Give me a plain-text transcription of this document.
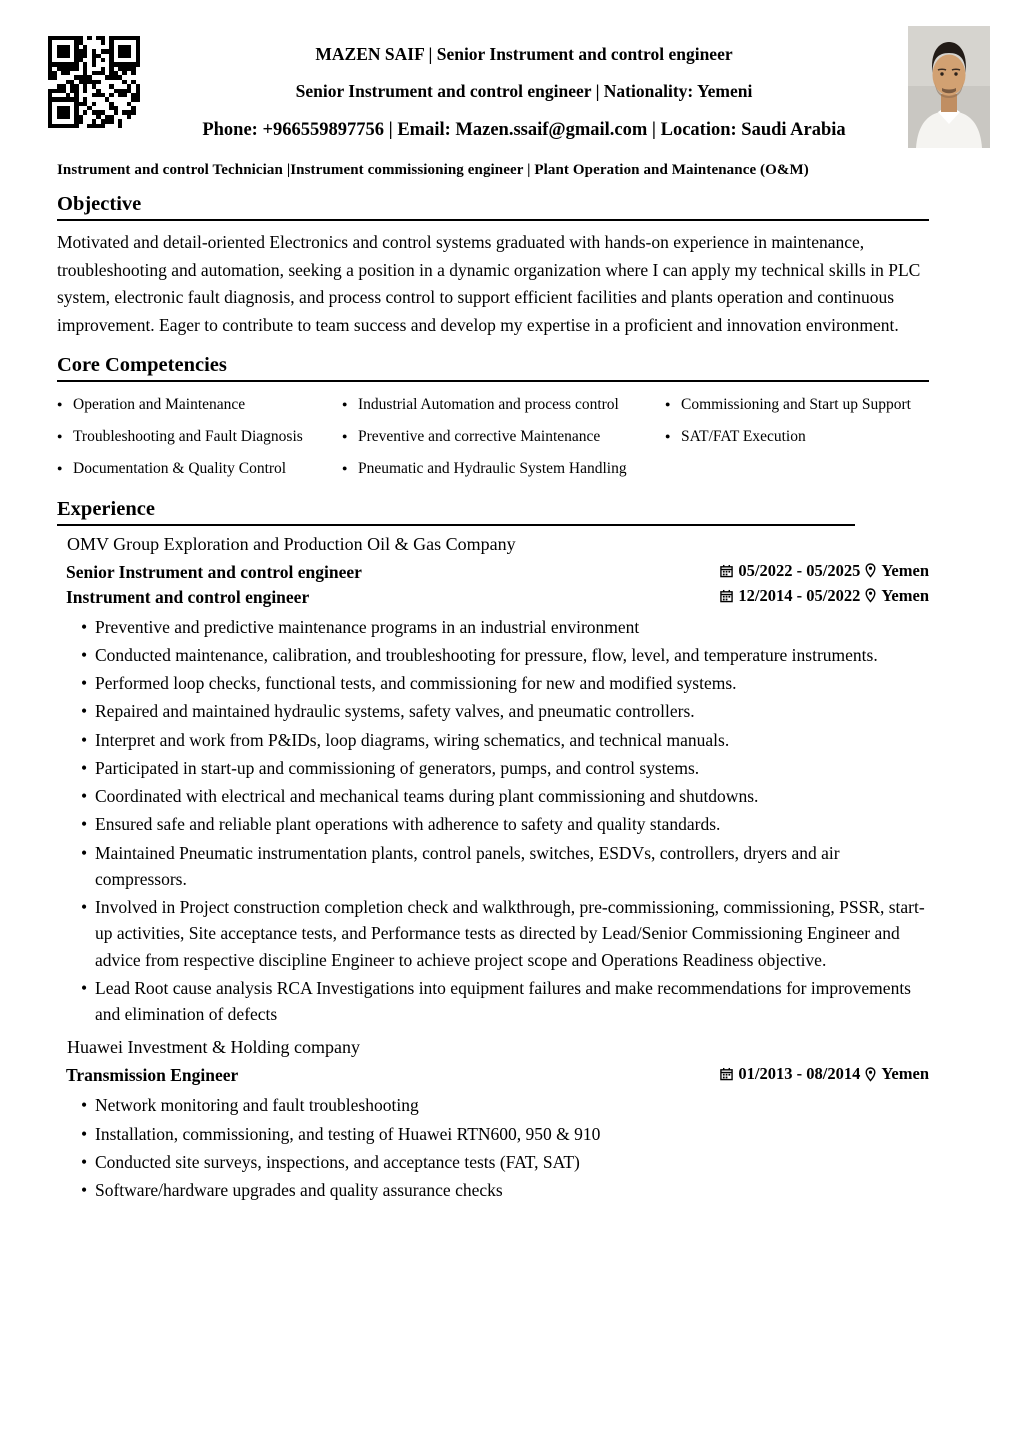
MAZEN SAIF | Senior Instrument and control engineer
Senior Instrument and control engineer | Nationality: Yemeni
Phone: +966559897756 | Email: Mazen.ssaif@gmail.com | Location: Saudi Arabia
Instrument and control Technician |Instrument commissioning engineer | Plant Operation and Maintenance (O&M)
Objective

Motivated and detail-oriented Electronics and control systems graduated with hands-on experience in maintenance, troubleshooting and automation, seeking a position in a dynamic organization where I can apply my technical skills in PLC system, electronic fault diagnosis, and process control to support efficient facilities and plants operation and continuous improvement. Eager to contribute to team success and develop my expertise in a proficient and innovation environment.

Core Competencies
● Operation and Maintenance
● Troubleshooting and Fault Diagnosis
● Documentation & Quality Control
● Industrial Automation and process control
● Preventive and corrective Maintenance
● Pneumatic and Hydraulic System Handling
● Commissioning and Start up Support
● SAT/FAT Execution
Experience
OMV Group Exploration and Production Oil & Gas Company
Senior Instrument and control engineer	05/2022 - 05/2025 Yemen
Instrument and control engineer	12/2014 - 05/2022 Yemen
• Preventive and predictive maintenance programs in an industrial environment
• Conducted maintenance, calibration, and troubleshooting for pressure, flow, level, and temperature instruments.
• Performed loop checks, functional tests, and commissioning for new and modified systems.
• Repaired and maintained hydraulic systems, safety valves, and pneumatic controllers.
• Interpret and work from P&IDs, loop diagrams, wiring schematics, and technical manuals.
• Participated in start-up and commissioning of generators, pumps, and control systems.
• Coordinated with electrical and mechanical teams during plant commissioning and shutdowns.
• Ensured safe and reliable plant operations with adherence to safety and quality standards.
• Maintained Pneumatic instrumentation plants, control panels, switches, ESDVs, controllers, dryers and air compressors.
• Involved in Project construction completion check and walkthrough, pre-commissioning, commissioning, PSSR, start-up activities, Site acceptance tests, and Performance tests as directed by Lead/Senior Commissioning Engineer and advice from respective discipline Engineer to achieve project scope and Operations Readiness objective.
• Lead Root cause analysis RCA Investigations into equipment failures and make recommendations for improvements and elimination of defects
Huawei Investment & Holding company
Transmission Engineer	01/2013 - 08/2014 Yemen
• Network monitoring and fault troubleshooting
• Installation, commissioning, and testing of Huawei RTN600, 950 & 910
• Conducted site surveys, inspections, and acceptance tests (FAT, SAT)
• Software/hardware upgrades and quality assurance checks
